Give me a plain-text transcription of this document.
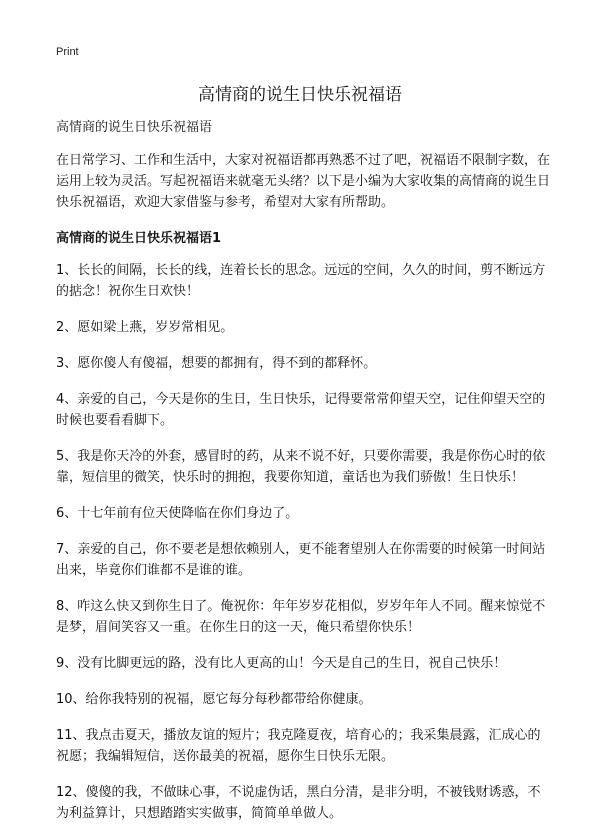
Print
高情商的说生日快乐祝福语

高情商的说生日快乐祝福语

在日常学习、工作和生活中，大家对祝福语都再熟悉不过了吧，祝福语不限制字数，在运用上较为灵活。写起祝福语来就毫无头绪？以下是小编为大家收集的高情商的说生日快乐祝福语，欢迎大家借鉴与参考，希望对大家有所帮助。

高情商的说生日快乐祝福语1

1、长长的间隔，长长的线，连着长长的思念。远远的空间，久久的时间，剪不断远方的掂念！祝你生日欢快！

2、愿如梁上燕，岁岁常相见。

3、愿你傻人有傻福，想要的都拥有，得不到的都释怀。

4、亲爱的自己，今天是你的生日，生日快乐，记得要常常仰望天空，记住仰望天空的时候也要看看脚下。

5、我是你天冷的外套，感冒时的药，从来不说不好，只要你需要，我是你伤心时的依靠，短信里的微笑，快乐时的拥抱，我要你知道，童话也为我们骄傲！生日快乐！

6、十七年前有位天使降临在你们身边了。

7、亲爱的自己，你不要老是想依赖别人，更不能奢望别人在你需要的时候第一时间站出来，毕竟你们谁都不是谁的谁。

8、咋这么快又到你生日了。俺祝你：年年岁岁花相似，岁岁年年人不同。醒来惊觉不是梦，眉间笑容又一重。在你生日的这一天，俺只希望你快乐！

9、没有比脚更远的路，没有比人更高的山！今天是自己的生日，祝自己快乐！

10、给你我特别的祝福，愿它每分每秒都带给你健康。

11、我点击夏天，播放友谊的短片；我克隆夏夜，培育心的；我采集晨露，汇成心的祝愿；我编辑短信，送你最美的祝福，愿你生日快乐无限。

12、傻傻的我，不做昧心事，不说虚伪话，黑白分清，是非分明，不被钱财诱惑，不为利益算计，只想踏踏实实做事，简简单单做人。
